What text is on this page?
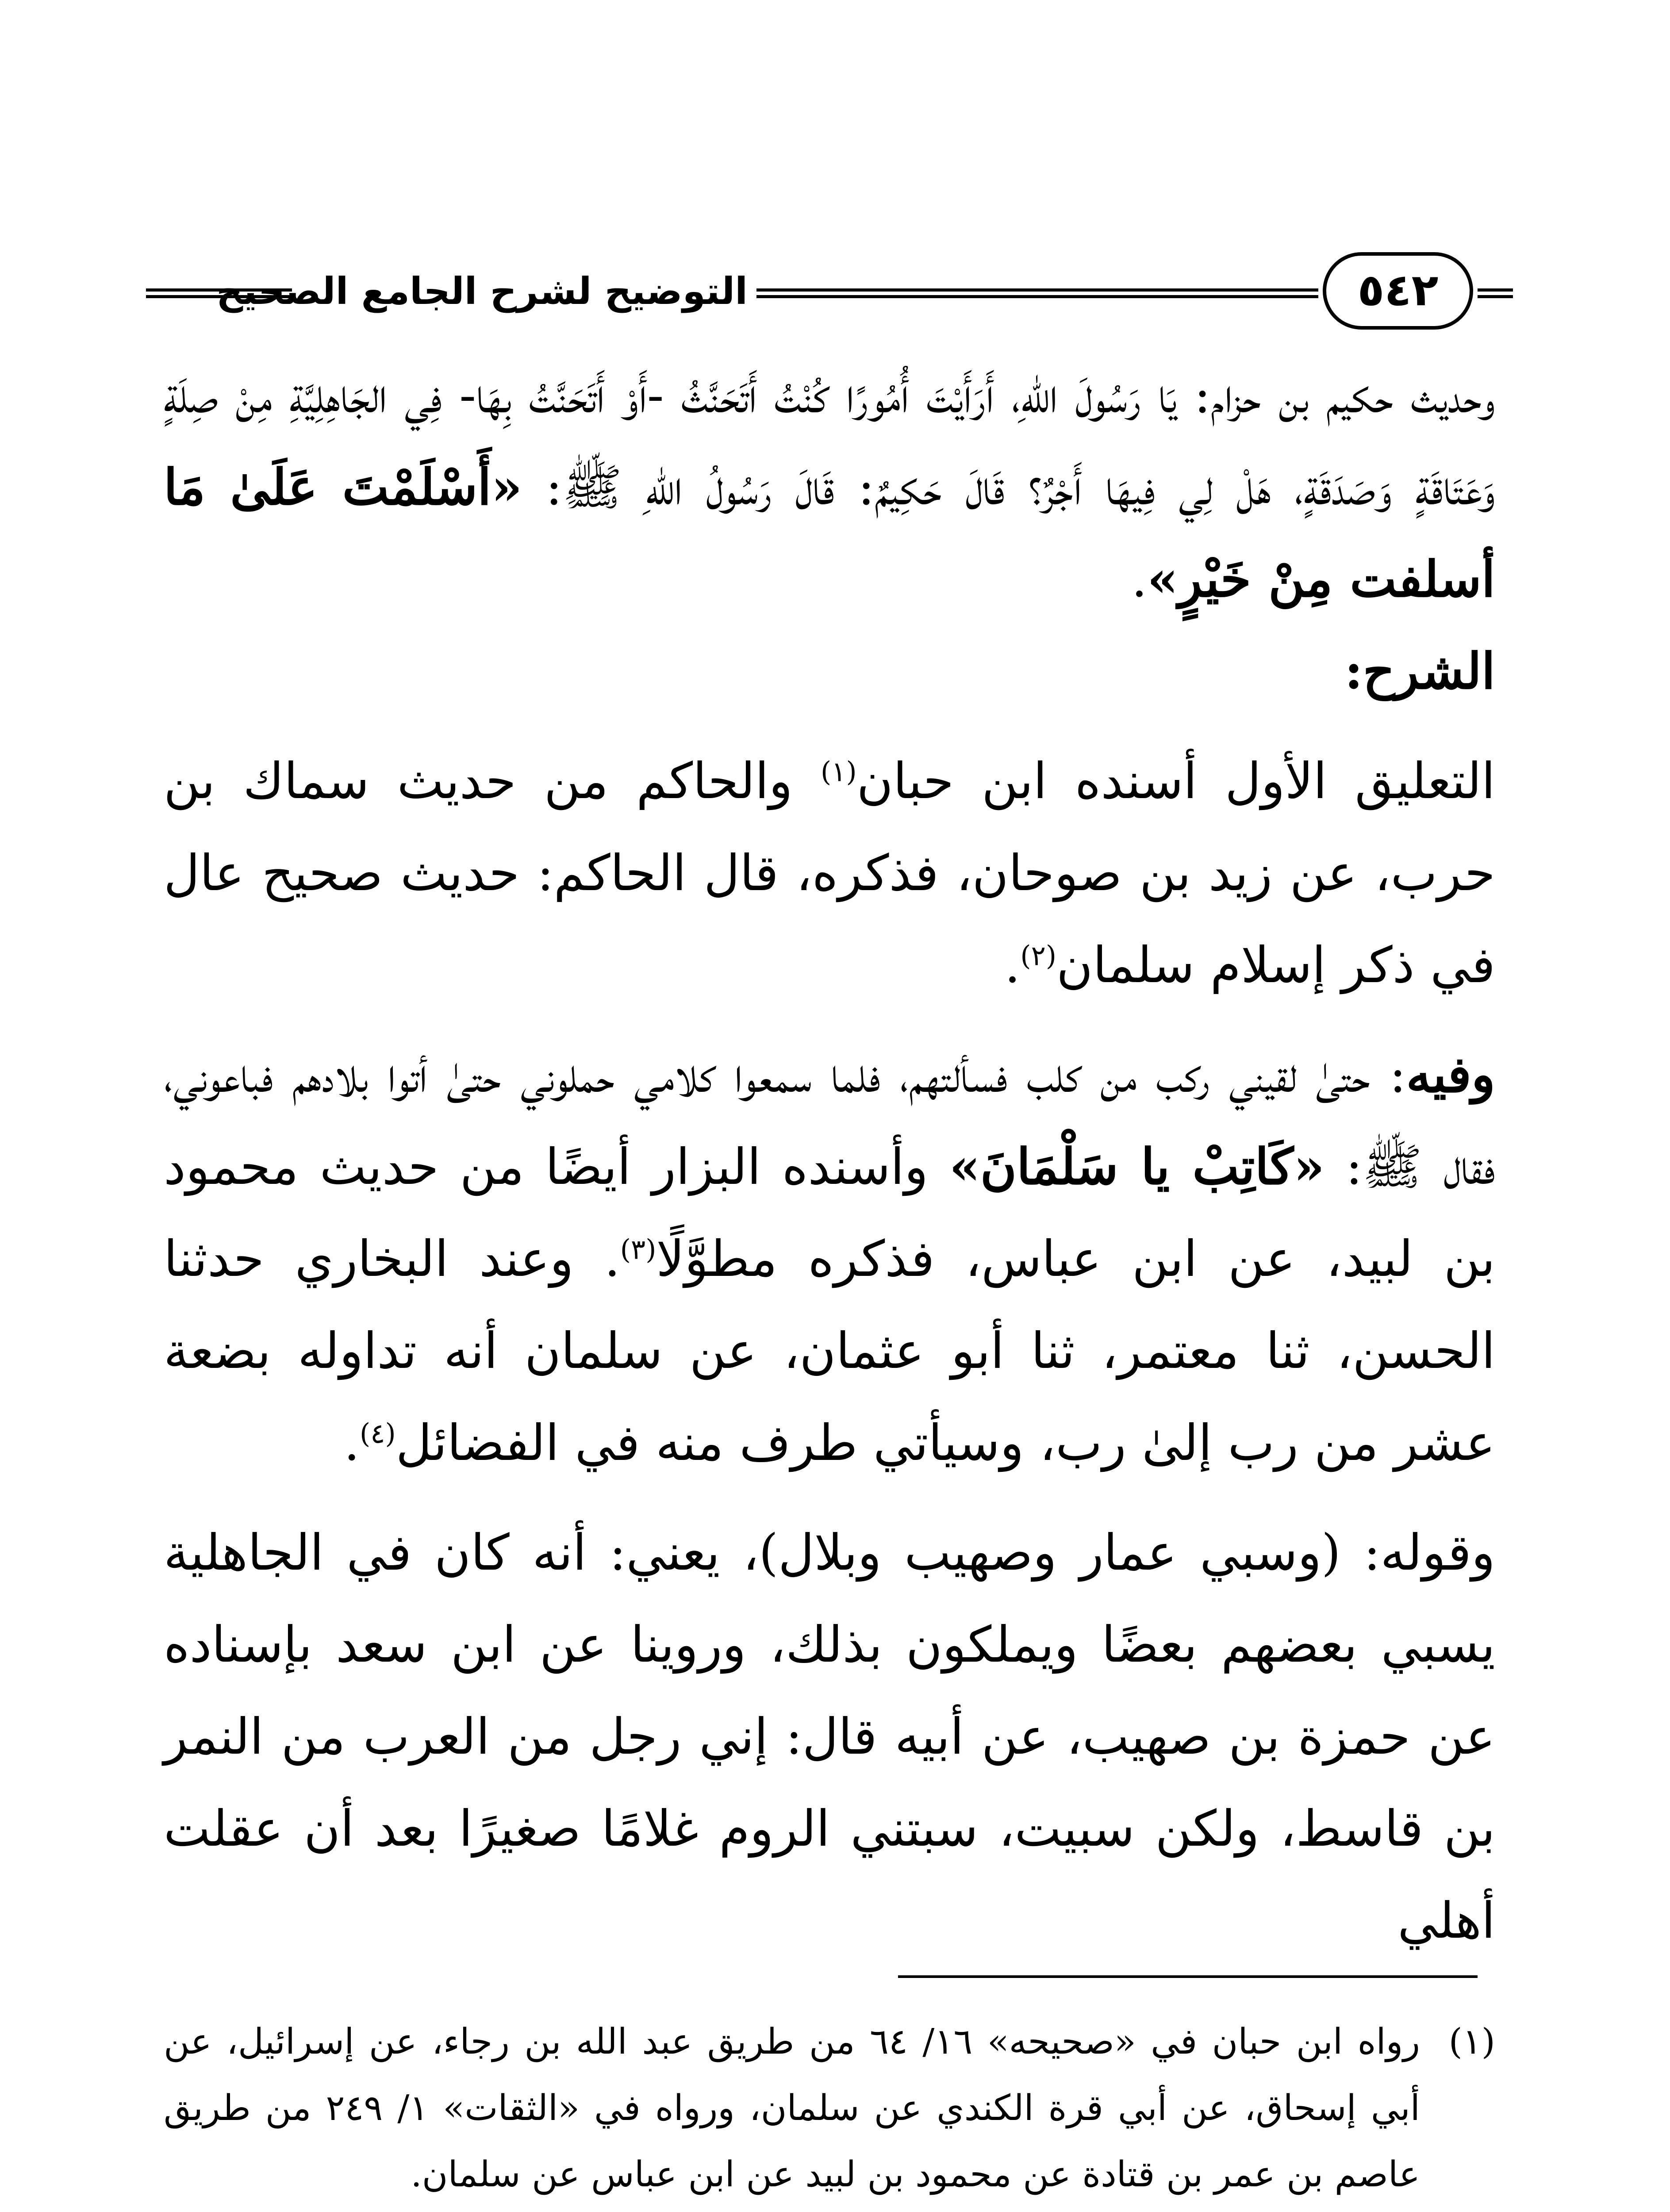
٥٤٢
التوضيح لشرح الجامع الصحيح

وحديث حكيم بن حزام: يَا رَسُولَ اللهِ، أَرَأَيْتَ أُمُورًا كُنْتُ أَتَحَنَّثُ -أَوْ أَتَحَنَّتُ بِهَا- فِي الجَاهِلِيَّةِ مِنْ صِلَةٍ وَعَتَاقَةٍ وَصَدَقَةٍ، هَلْ لِي فِيهَا أَجْرٌ؟ قَالَ حَكِيمٌ: قَالَ رَسُولُ اللهِ ﷺ: «أَسْلَمْتَ عَلَىٰ مَا أسلفت مِنْ خَيْرٍ».

الشرح:

التعليق الأول أسنده ابن حبان$^{(١)}$ والحاكم من حديث سماك بن حرب، عن زيد بن صوحان، فذكره، قال الحاكم: حديث صحيح عال في ذكر إسلام سلمان$^{(٢)}$.

وفيه: حتىٰ لقيني ركب من كلب فسألتهم، فلما سمعوا كلامي حملوني حتىٰ أتوا بلادهم فباعوني، فقال ﷺ: «كَاتِبْ يا سَلْمَانَ» وأسنده البزار أيضًا من حديث محمود بن لبيد، عن ابن عباس، فذكره مطوَّلًا$^{(٣)}$. وعند البخاري حدثنا الحسن، ثنا معتمر، ثنا أبو عثمان، عن سلمان أنه تداوله بضعة عشر من رب إلىٰ رب، وسيأتي طرف منه في الفضائل$^{(٤)}$.

وقوله: (وسبي عمار وصهيب وبلال)، يعني: أنه كان في الجاهلية يسبي بعضهم بعضًا ويملكون بذلك، وروينا عن ابن سعد بإسناده عن حمزة بن صهيب، عن أبيه قال: إني رجل من العرب من النمر بن قاسط، ولكن سبيت، سبتني الروم غلامًا صغيرًا بعد أن عقلت أهلي

(١)
رواه ابن حبان في «صحيحه» ١٦/ ٦٤ من طريق عبد الله بن رجاء، عن إسرائيل، عن أبي إسحاق، عن أبي قرة الكندي عن سلمان، ورواه في «الثقات» ١/ ٢٤٩ من طريق عاصم بن عمر بن قتادة عن محمود بن لبيد عن ابن عباس عن سلمان.
